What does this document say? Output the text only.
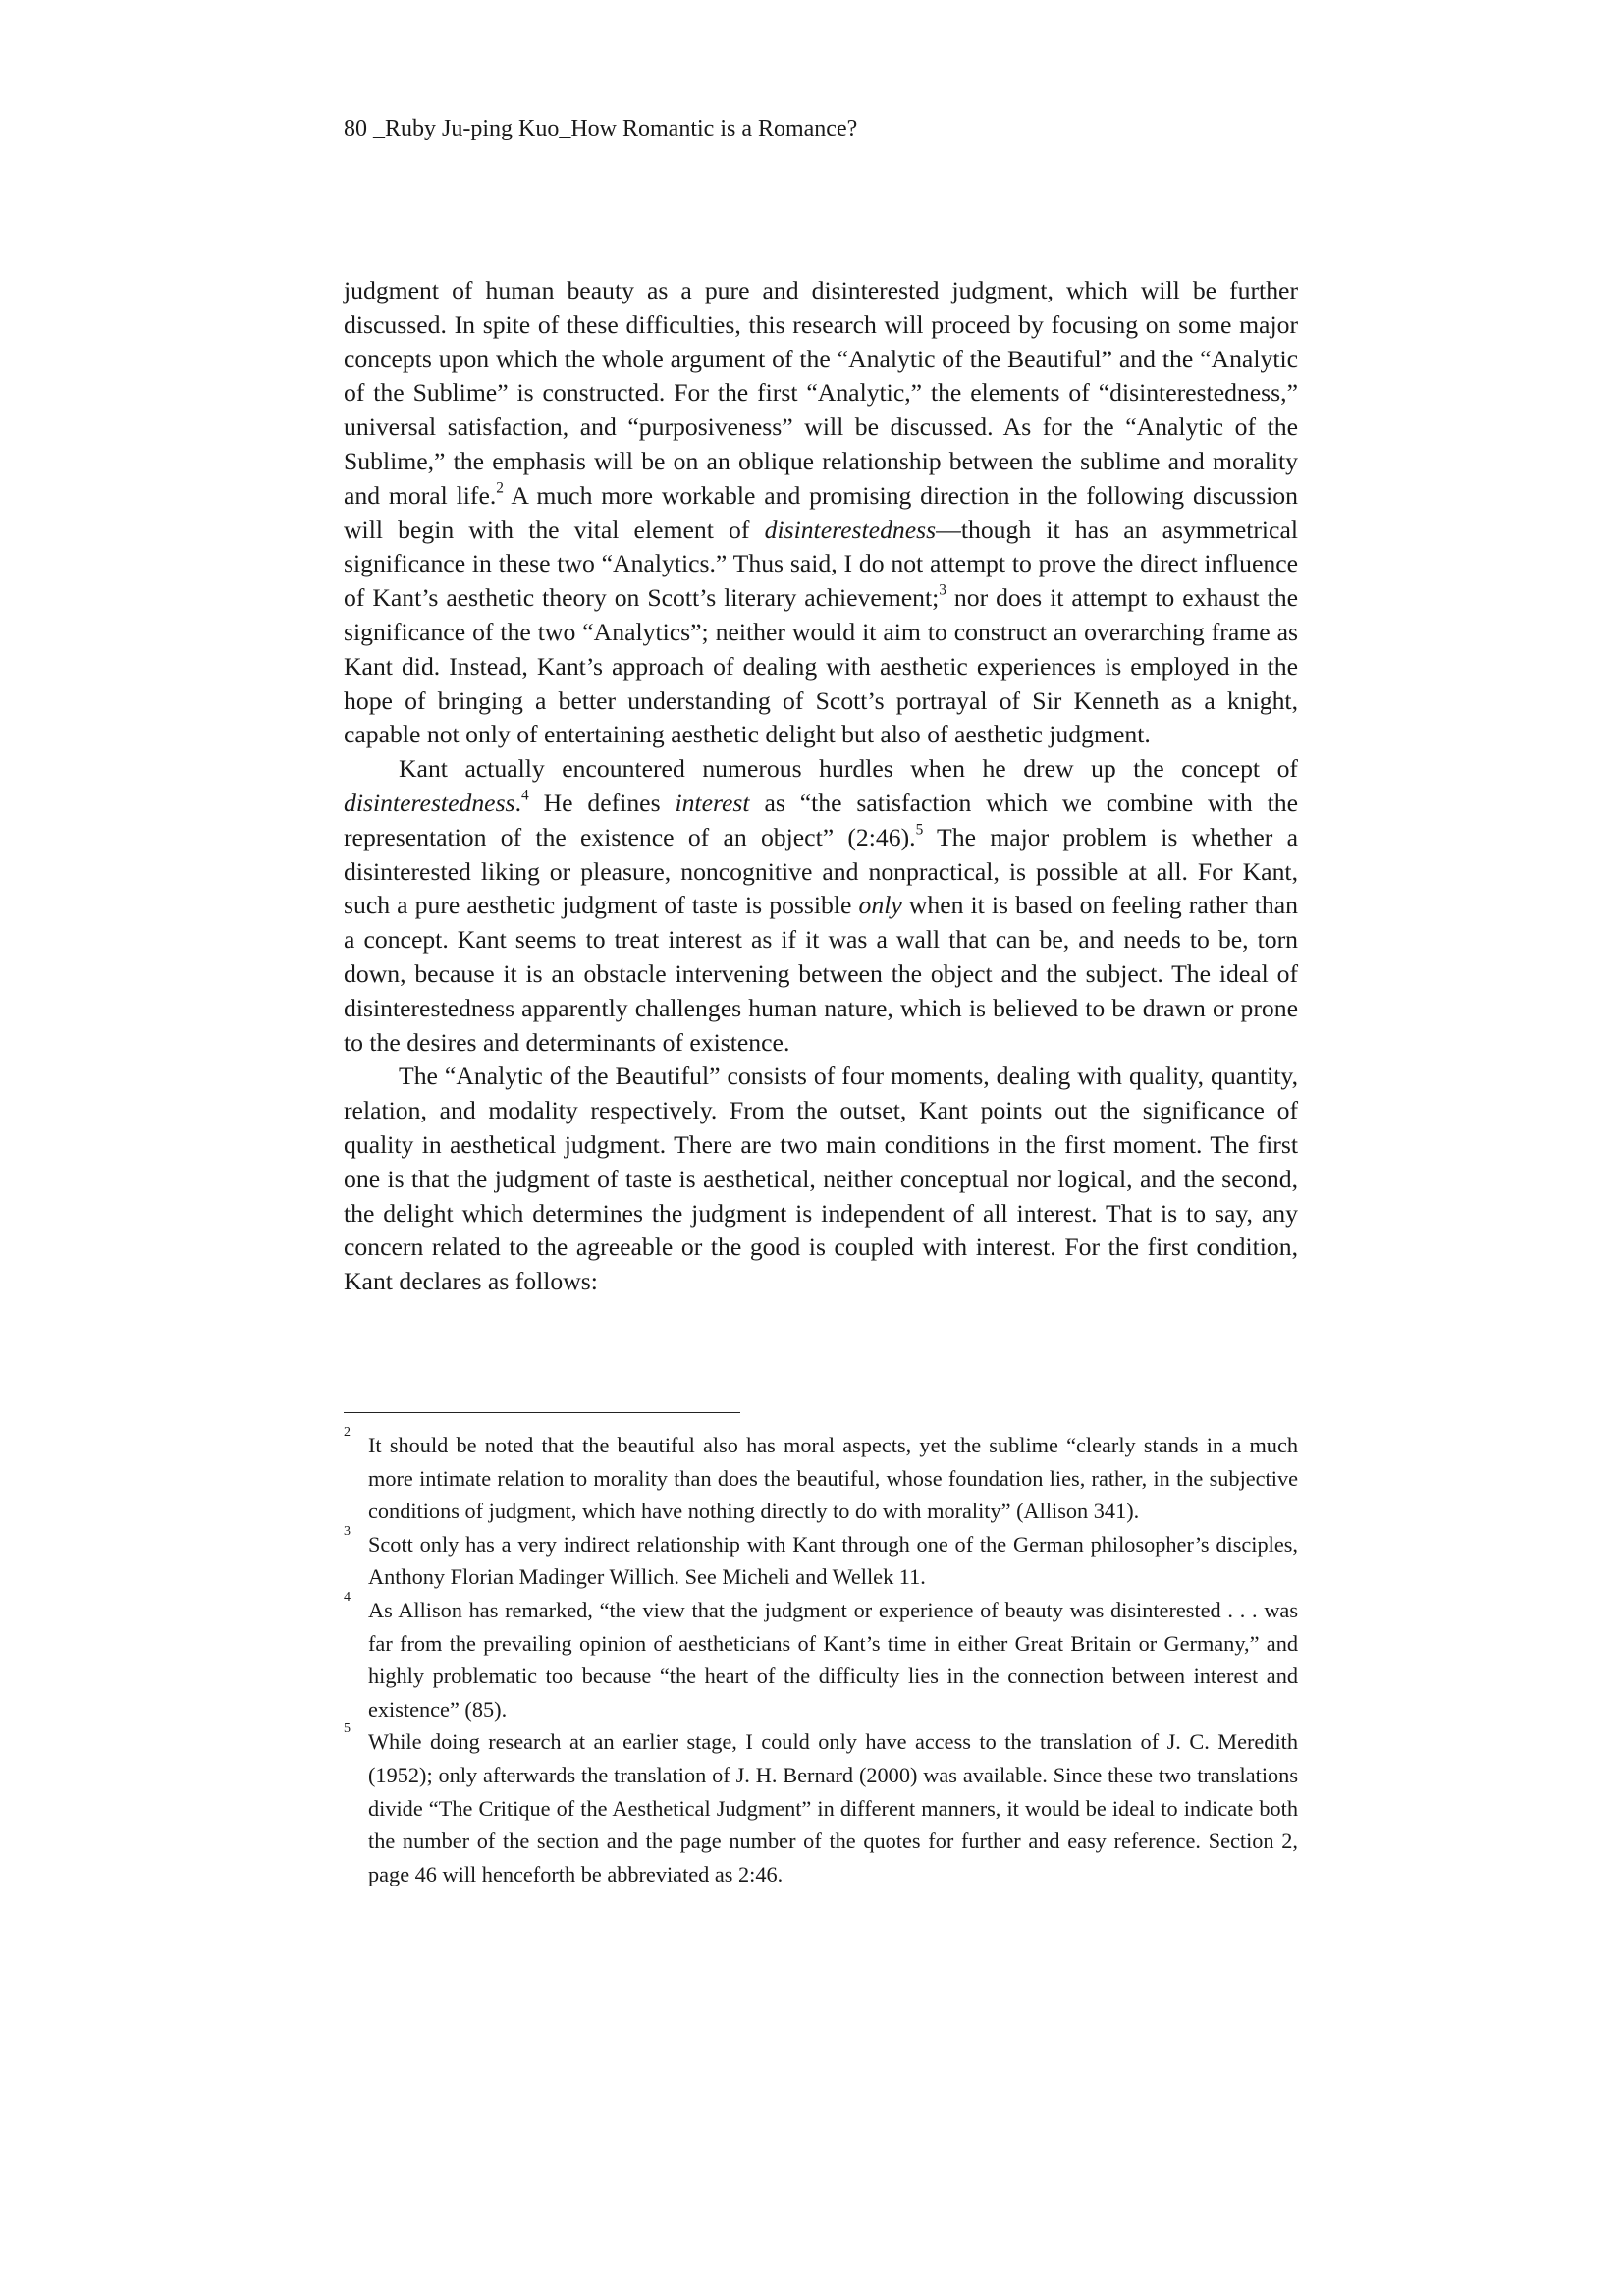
80 _Ruby Ju-ping Kuo_How Romantic is a Romance?

judgment of human beauty as a pure and disinterested judgment, which will be further discussed. In spite of these difficulties, this research will proceed by focusing on some major concepts upon which the whole argument of the “Analytic of the Beautiful” and the “Analytic of the Sublime” is constructed. For the first “Analytic,” the elements of “disinterestedness,” universal satisfaction, and “purposiveness” will be discussed. As for the “Analytic of the Sublime,” the emphasis will be on an oblique relationship between the sublime and morality and moral life.$^2$ A much more workable and promising direction in the following discussion will begin with the vital element of disinterestedness—though it has an asymmetrical significance in these two “Analytics.” Thus said, I do not attempt to prove the direct influence of Kant’s aesthetic theory on Scott’s literary achievement;$^3$ nor does it attempt to exhaust the significance of the two “Analytics”; neither would it aim to construct an overarching frame as Kant did. Instead, Kant’s approach of dealing with aesthetic experiences is employed in the hope of bringing a better understanding of Scott’s portrayal of Sir Kenneth as a knight, capable not only of entertaining aesthetic delight but also of aesthetic judgment.

Kant actually encountered numerous hurdles when he drew up the concept of disinterestedness.$^4$ He defines interest as “the satisfaction which we combine with the representation of the existence of an object” (2:46).$^5$ The major problem is whether a disinterested liking or pleasure, noncognitive and nonpractical, is possible at all. For Kant, such a pure aesthetic judgment of taste is possible only when it is based on feeling rather than a concept. Kant seems to treat interest as if it was a wall that can be, and needs to be, torn down, because it is an obstacle intervening between the object and the subject. The ideal of disinterestedness apparently challenges human nature, which is believed to be drawn or prone to the desires and determinants of existence.

The “Analytic of the Beautiful” consists of four moments, dealing with quality, quantity, relation, and modality respectively. From the outset, Kant points out the significance of quality in aesthetical judgment. There are two main conditions in the first moment. The first one is that the judgment of taste is aesthetical, neither conceptual nor logical, and the second, the delight which determines the judgment is independent of all interest. That is to say, any concern related to the agreeable or the good is coupled with interest. For the first condition, Kant declares as follows:

2
It should be noted that the beautiful also has moral aspects, yet the sublime “clearly stands in a much more intimate relation to morality than does the beautiful, whose foundation lies, rather, in the subjective conditions of judgment, which have nothing directly to do with morality” (Allison 341).

3
Scott only has a very indirect relationship with Kant through one of the German philosopher’s disciples, Anthony Florian Madinger Willich. See Micheli and Wellek 11.

4
As Allison has remarked, “the view that the judgment or experience of beauty was disinterested . . . was far from the prevailing opinion of aestheticians of Kant’s time in either Great Britain or Germany,” and highly problematic too because “the heart of the difficulty lies in the connection between interest and existence” (85).

5
While doing research at an earlier stage, I could only have access to the translation of J. C. Meredith (1952); only afterwards the translation of J. H. Bernard (2000) was available. Since these two translations divide “The Critique of the Aesthetical Judgment” in different manners, it would be ideal to indicate both the number of the section and the page number of the quotes for further and easy reference. Section 2, page 46 will henceforth be abbreviated as 2:46.
